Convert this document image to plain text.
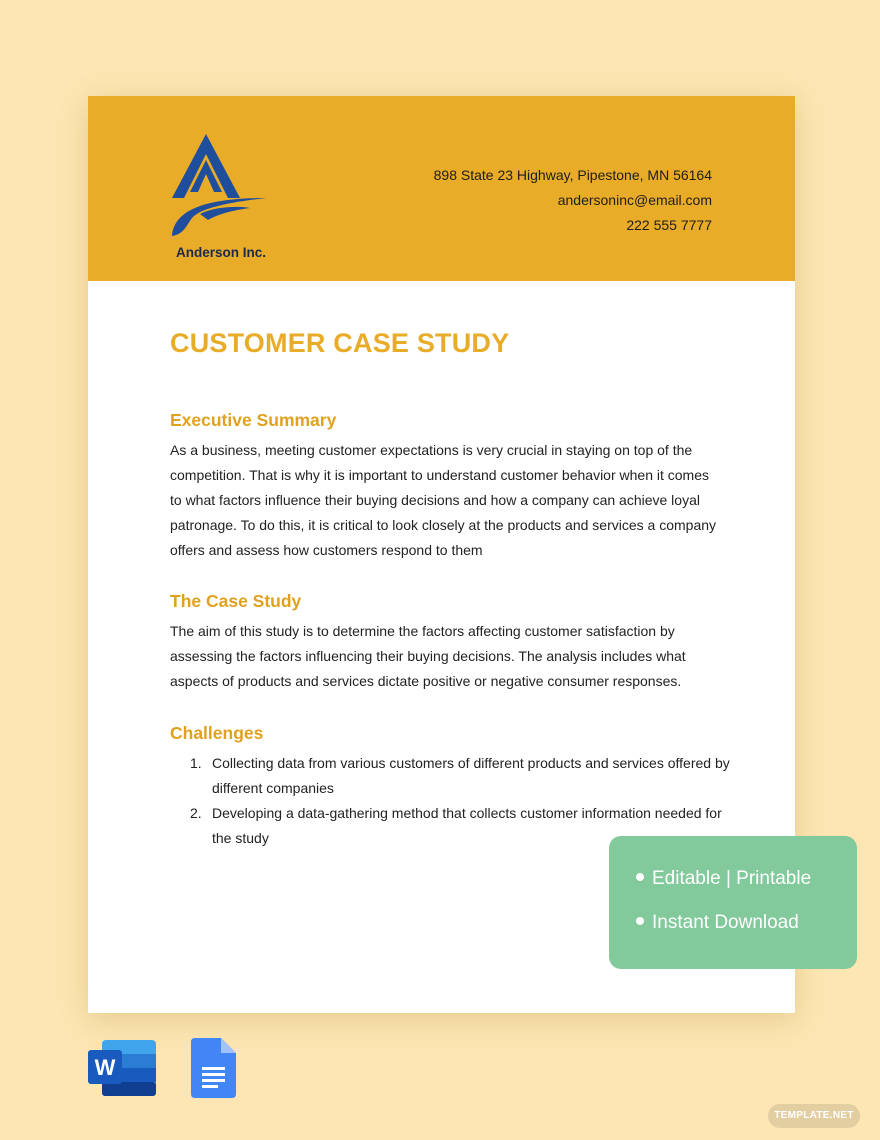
Anderson Inc.
898 State 23 Highway, Pipestone, MN 56164
andersoninc@email.com
222 555 7777
CUSTOMER CASE STUDY
Executive Summary
As a business, meeting customer expectations is very crucial in staying on top of the competition. That is why it is important to understand customer behavior when it comes to what factors influence their buying decisions and how a company can achieve loyal patronage. To do this, it is critical to look closely at the products and services a company offers and assess how customers respond to them
The Case Study
The aim of this study is to determine the factors affecting customer satisfaction by assessing the factors influencing their buying decisions. The analysis includes what aspects of products and services dictate positive or negative consumer responses.
Challenges
1. Collecting data from various customers of different products and services offered by different companies
2. Developing a data-gathering method that collects customer information needed for the study
Editable | Printable
Instant Download
W
TEMPLATE.NET
